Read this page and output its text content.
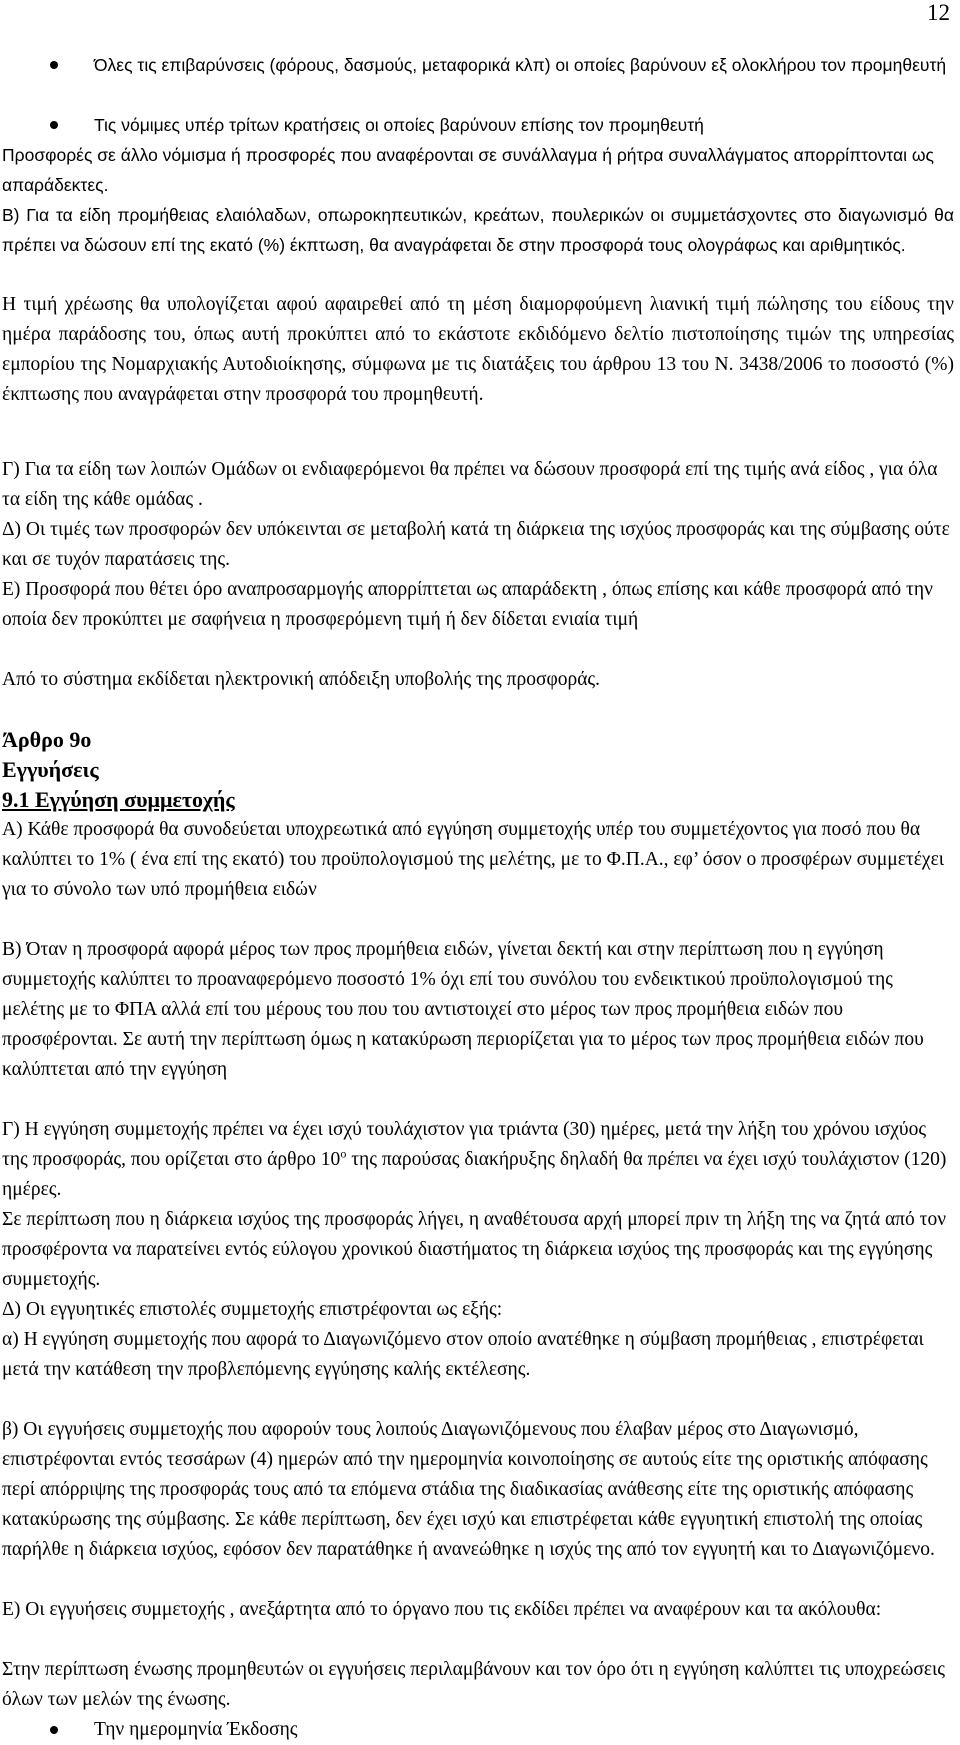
12

Όλες τις επιβαρύνσεις (φόρους, δασμούς, μεταφορικά κλπ) οι οποίες βαρύνουν εξ ολοκλήρου τον προμηθευτή

Τις νόμιμες υπέρ τρίτων κρατήσεις οι οποίες βαρύνουν επίσης τον προμηθευτή

Προσφορές σε άλλο νόμισμα ή προσφορές που αναφέρονται σε συνάλλαγμα ή ρήτρα συναλλάγματος απορρίπτονται ως απαράδεκτες.

Β) Για τα είδη προμήθειας ελαιόλαδων, οπωροκηπευτικών, κρεάτων, πουλερικών οι συμμετάσχοντες στο διαγωνισμό θα πρέπει να δώσουν επί της εκατό (%) έκπτωση, θα αναγράφεται δε στην προσφορά τους ολογράφως και αριθμητικός.

Η τιμή χρέωσης θα υπολογίζεται αφού αφαιρεθεί από τη μέση διαμορφούμενη λιανική τιμή πώλησης του είδους την ημέρα παράδοσης του, όπως αυτή προκύπτει από το εκάστοτε εκδιδόμενο δελτίο πιστοποίησης τιμών της υπηρεσίας εμπορίου της Νομαρχιακής Αυτοδιοίκησης, σύμφωνα με τις διατάξεις του άρθρου 13 του Ν. 3438/2006 το ποσοστό (%) έκπτωσης που αναγράφεται στην προσφορά του προμηθευτή.

Γ) Για τα είδη των λοιπών Ομάδων οι ενδιαφερόμενοι θα πρέπει να δώσουν προσφορά επί της τιμής ανά είδος , για όλα τα είδη της κάθε ομάδας .

Δ) Οι τιμές των προσφορών δεν υπόκειντ​αι σε μεταβολή κατά τη διάρκεια της ισχύος προσφοράς και της σύμβασης ούτε και σε τυχόν παρατάσεις της.

Ε) Προσφορά που θέτει όρο αναπροσαρμογής απορρίπτεται ως απαράδεκτη , όπως επίσης και κάθε προσφορά από την οποία δεν προκύπτει με σαφήνεια η προσφερόμενη τιμή ή δεν δίδεται ενιαία τιμή

Από το σύστημα εκδίδεται ηλεκτρονική απόδειξη υποβολής της προσφοράς.

Άρθρο 9ο

Εγγυήσεις

9.1 Εγγύηση συμμετοχής

Α) Κάθε προσφορά θα συνοδεύεται υποχρεωτικά από εγγύηση συμμετοχής υπέρ του συμμετέχοντος για ποσό που θα καλύπτει το 1% ( ένα επί της εκατό) του προϋπολογισμού της μελέτης, με το Φ.Π.Α., εφ’ όσον ο προσφέρων συμμετέχει για το σύνολο των υπό προμήθεια ειδών

Β) Όταν η προσφορά αφορά μέρος των προς προμήθεια ειδών, γίνεται δεκτή και στην περίπτωση που η εγγύηση συμμετοχής καλύπτει το προαναφερόμενο ποσοστό 1% όχι επί του συνόλου του ενδεικτικού προϋπολογισμού της μελέτης με το ΦΠΑ αλλά επί του μέρους του που του αντιστοιχεί στο μέρος των προς προμήθεια ειδών που προσφέρονται. Σε αυτή την περίπτωση όμως η κατακύρωση περιορίζεται για το μέρος των προς προμήθεια ειδών που καλύπτεται από την εγγύηση

Γ) Η εγγύηση συμμετοχής πρέπει να έχει ισχύ τουλάχιστον για τριάντα (30) ημέρες, μετά την λήξη του χρόνου ισχύος της προσφοράς, που ορίζεται στο άρθρο $10^o$ της παρούσας διακήρυξης δηλαδή θα πρέπει να έχει ισχύ τουλάχιστον (120) ημέρες.

Σε περίπτωση που η διάρκεια ισχύος της προσφοράς λήγει, η αναθέτουσα αρχή μπορεί πριν τη λήξη της να ζητά από τον προσφέροντα να παρατείνει εντός εύλογου χρονικού διαστήματος τη διάρκεια ισχύος της προσφοράς και της εγγύησης συμμετοχής.

Δ) Οι εγγυητικές επιστολές συμμετοχής επιστρέφονται ως εξής:

α) Η εγγύηση συμμετοχής που αφορά το Διαγωνιζόμενο στον οποίο ανατέθηκε η σύμβαση προμήθειας , επιστρέφεται μετά την κατάθεση την προβλεπόμενης εγγύησης καλής εκτέλεσης.

β) Οι εγγυήσεις συμμετοχής που αφορούν τους λοιπούς Διαγωνιζόμενους που έλαβαν μέρος στο Διαγωνισμό, επιστρέφονται εντός τεσσάρων (4) ημερών από την ημερομηνία κοινοποίησης σε αυτούς είτε της οριστικής απόφασης περί απόρριψης της προσφοράς τους από τα επόμενα στάδια της διαδικασίας ανάθεσης είτε της οριστικής απόφασης κατακύρωσης της σύμβασης. Σε κάθε περίπτωση, δεν έχει ισχύ και επιστρέφεται κάθε εγγυητική επιστολή της οποίας παρήλθε η διάρκεια ισχύος, εφόσον δεν παρατάθηκε ή ανανεώθηκε η ισχύς της από τον εγγυητή και το Διαγωνιζόμενο.

Ε) Οι εγγυήσεις συμμετοχής , ανεξάρτητα από το όργανο που τις εκδίδει πρέπει να αναφέρουν και τα ακόλουθα:

Στην περίπτωση ένωσης προμηθευτών οι εγγυήσεις περιλαμβάνουν και τον όρο ότι η εγγύηση καλύπτει τις υποχρεώσεις όλων των μελών της ένωσης.

Την ημερομηνία Έκδοσης
